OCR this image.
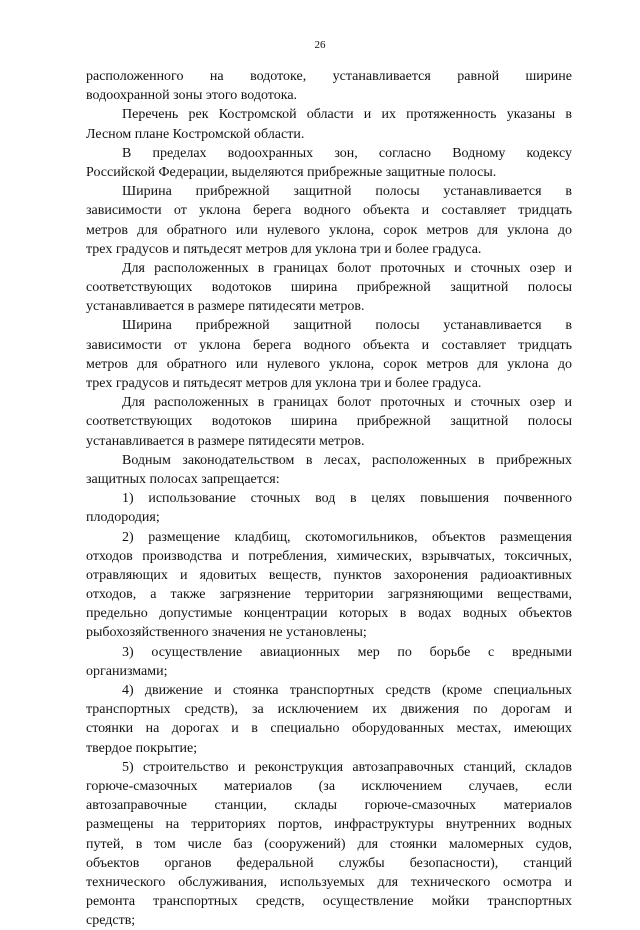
26
расположенного на водотоке, устанавливается равной ширине
водоохранной зоны этого водотока.
Перечень рек Костромской области и их протяженность указаны в
Лесном плане Костромской области.
В пределах водоохранных зон, согласно Водному кодексу
Российской Федерации, выделяются прибрежные защитные полосы.
Ширина прибрежной защитной полосы устанавливается в
зависимости от уклона берега водного объекта и составляет тридцать
метров для обратного или нулевого уклона, сорок метров для уклона до
трех градусов и пятьдесят метров для уклона три и более градуса.
Для расположенных в границах болот проточных и сточных озер и
соответствующих водотоков ширина прибрежной защитной полосы
устанавливается в размере пятидесяти метров.
Ширина прибрежной защитной полосы устанавливается в
зависимости от уклона берега водного объекта и составляет тридцать
метров для обратного или нулевого уклона, сорок метров для уклона до
трех градусов и пятьдесят метров для уклона три и более градуса.
Для расположенных в границах болот проточных и сточных озер и
соответствующих водотоков ширина прибрежной защитной полосы
устанавливается в размере пятидесяти метров.
Водным законодательством в лесах, расположенных в прибрежных
защитных полосах запрещается:
1) использование сточных вод в целях повышения почвенного
плодородия;
2) размещение кладбищ, скотомогильников, объектов размещения
отходов производства и потребления, химических, взрывчатых, токсичных,
отравляющих и ядовитых веществ, пунктов захоронения радиоактивных
отходов, а также загрязнение территории загрязняющими веществами,
предельно допустимые концентрации которых в водах водных объектов
рыбохозяйственного значения не установлены;
3) осуществление авиационных мер по борьбе с вредными
организмами;
4) движение и стоянка транспортных средств (кроме специальных
транспортных средств), за исключением их движения по дорогам и
стоянки на дорогах и в специально оборудованных местах, имеющих
твердое покрытие;
5) строительство и реконструкция автозаправочных станций, складов
горюче-смазочных материалов (за исключением случаев, если
автозаправочные станции, склады горюче-смазочных материалов
размещены на территориях портов, инфраструктуры внутренних водных
путей, в том числе баз (сооружений) для стоянки маломерных судов,
объектов органов федеральной службы безопасности), станций
технического обслуживания, используемых для технического осмотра и
ремонта транспортных средств, осуществление мойки транспортных
средств;
